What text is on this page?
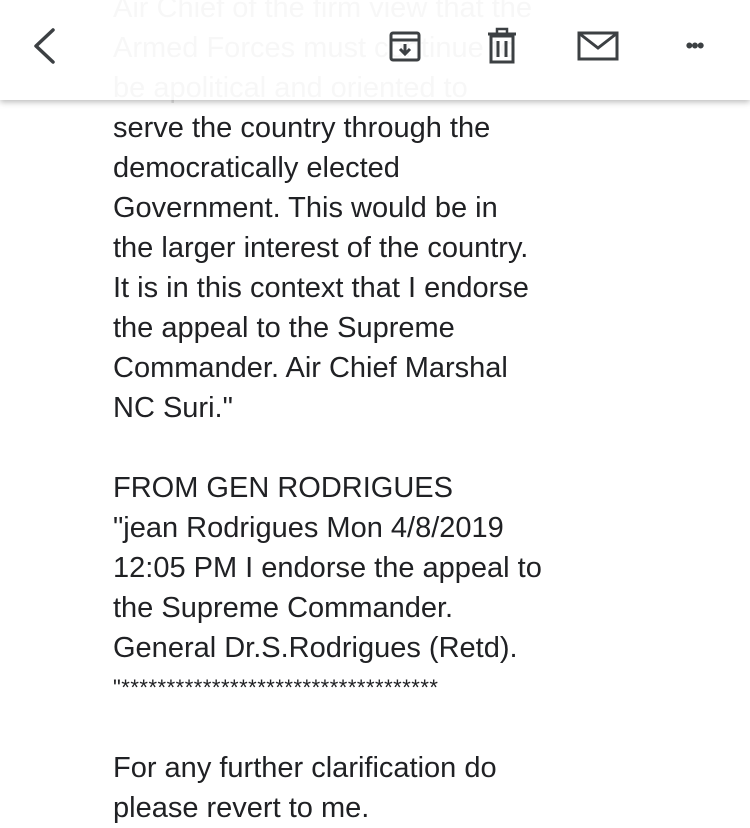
•••
serve the country through the
democratically elected
Government. This would be in
the larger interest of the country.
It is in this context that I endorse
the appeal to the Supreme
Commander. Air Chief Marshal
NC Suri."
FROM GEN RODRIGUES
"jean Rodrigues Mon 4/8/2019
12:05 PM I endorse the appeal to
the Supreme Commander.
General Dr.S.Rodrigues (Retd).
"***********************************
For any further clarification do
please revert to me.
